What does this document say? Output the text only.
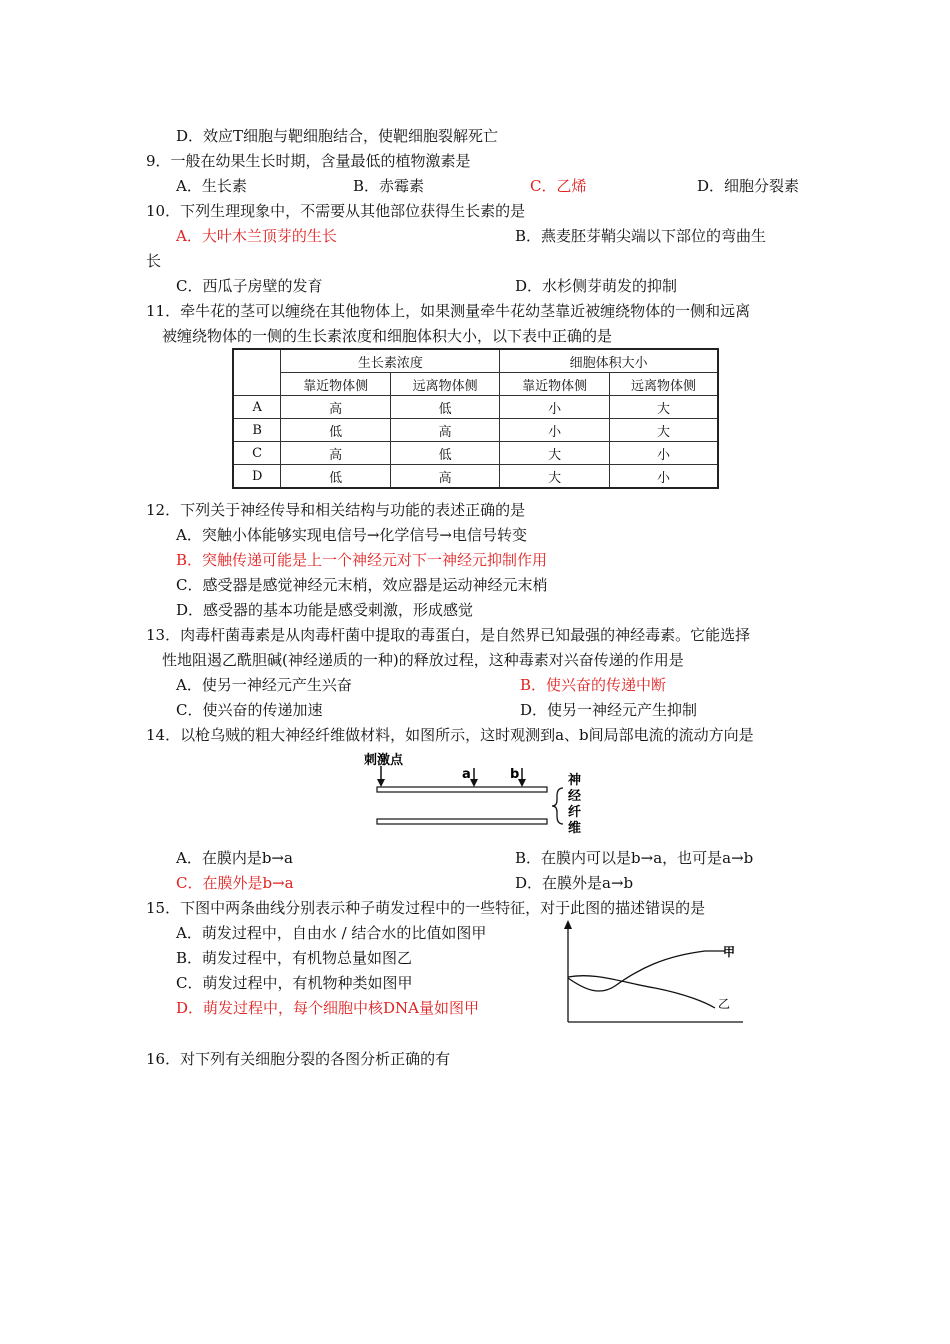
D．效应T细胞与靶细胞结合，使靶细胞裂解死亡
9．一般在幼果生长时期，含量最低的植物激素是
A．生长素	B．赤霉素	C．乙烯	D．细胞分裂素
10．下列生理现象中，不需要从其他部位获得生长素的是
A．大叶木兰顶芽的生长	B．燕麦胚芽鞘尖端以下部位的弯曲生
长
C．西瓜子房壁的发育	D．水杉侧芽萌发的抑制
11．牵牛花的茎可以缠绕在其他物体上，如果测量牵牛花幼茎靠近被缠绕物体的一侧和远离
被缠绕物体的一侧的生长素浓度和细胞体积大小，以下表中正确的是
	生长素浓度		细胞体积大小	
	靠近物体侧	远离物体侧	靠近物体侧	远离物体侧
A	高	低	小	大
B	低	高	小	大
C	高	低	大	小
D	低	高	大	小
12．下列关于神经传导和相关结构与功能的表述正确的是
A．突触小体能够实现电信号→化学信号→电信号转变
B．突触传递可能是上一个神经元对下一神经元抑制作用
C．感受器是感觉神经元末梢，效应器是运动神经元末梢
D．感受器的基本功能是感受刺激，形成感觉
13．肉毒杆菌毒素是从肉毒杆菌中提取的毒蛋白，是自然界已知最强的神经毒素。它能选择
性地阻遏乙酰胆碱(神经递质的一种)的释放过程，这种毒素对兴奋传递的作用是
A．使另一神经元产生兴奋	B．使兴奋的传递中断
C．使兴奋的传递加速	D．使另一神经元产生抑制
14．以枪乌贼的粗大神经纤维做材料，如图所示，这时观测到a、b间局部电流的流动方向是
刺激点
a	b	神
经
纤
维
A．在膜内是b→a	B．在膜内可以是b→a，也可是a→b
C．在膜外是b→a	D．在膜外是a→b
15．下图中两条曲线分别表示种子萌发过程中的一些特征，对于此图的描述错误的是
A．萌发过程中，自由水 / 结合水的比值如图甲
B．萌发过程中，有机物总量如图乙
C．萌发过程中，有机物种类如图甲
D．萌发过程中，每个细胞中核DNA量如图甲
甲
乙
16．对下列有关细胞分裂的各图分析正确的有
